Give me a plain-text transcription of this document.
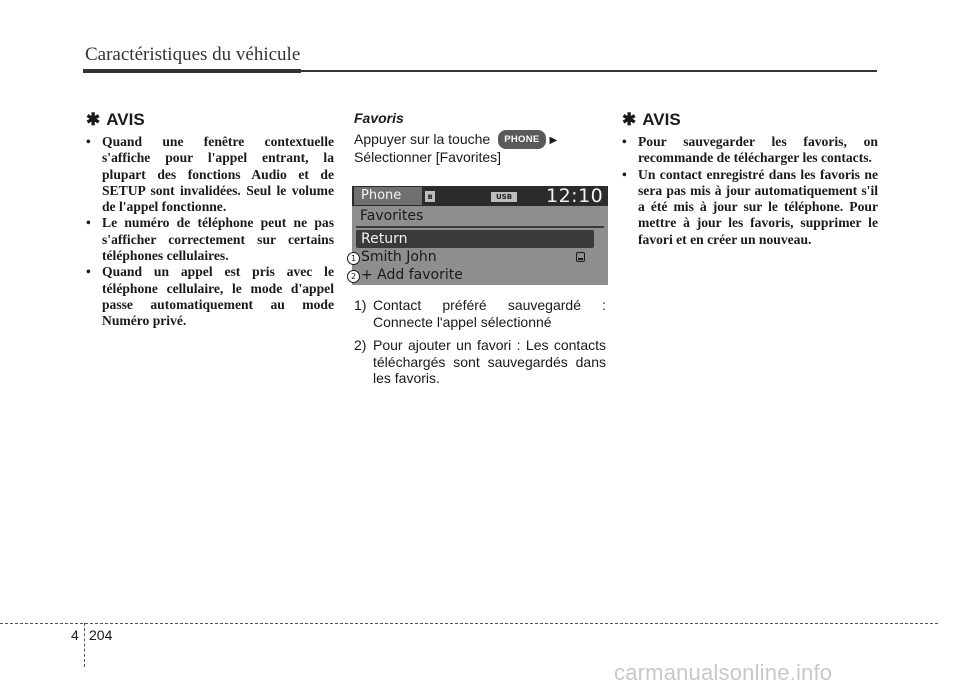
Caractéristiques du véhicule
✱ AVIS
• Quand une fenêtre contextuelle s'affiche pour l'appel entrant, la plupart des fonctions Audio et de SETUP sont invalidées. Seul le volume de l'appel fonctionne.
• Le numéro de téléphone peut ne pas s'afficher correctement sur certains téléphones cellulaires.
• Quand un appel est pris avec le téléphone cellulaire, le mode d'appel passe automatiquement au mode Numéro privé.
Favoris

Appuyer sur la touche PHONE ▶
Sélectionner [Favorites]

Phone	ʙ	USB 12:10
Favorites
Return
Smith John
+ Add favorite
1
2
1) Contact préféré sauvegardé : Connecte l'appel sélectionné
2) Pour ajouter un favori : Les contacts téléchargés sont sauvegardés dans les favoris.
✱ AVIS
• Pour sauvegarder les favoris, on recommande de télécharger les contacts.
• Un contact enregistré dans les favoris ne sera pas mis à jour automatiquement s'il a été mis à jour sur le téléphone. Pour mettre à jour les favoris, supprimer le favori et en créer un nouveau.
4 204
carmanualsonline.info
